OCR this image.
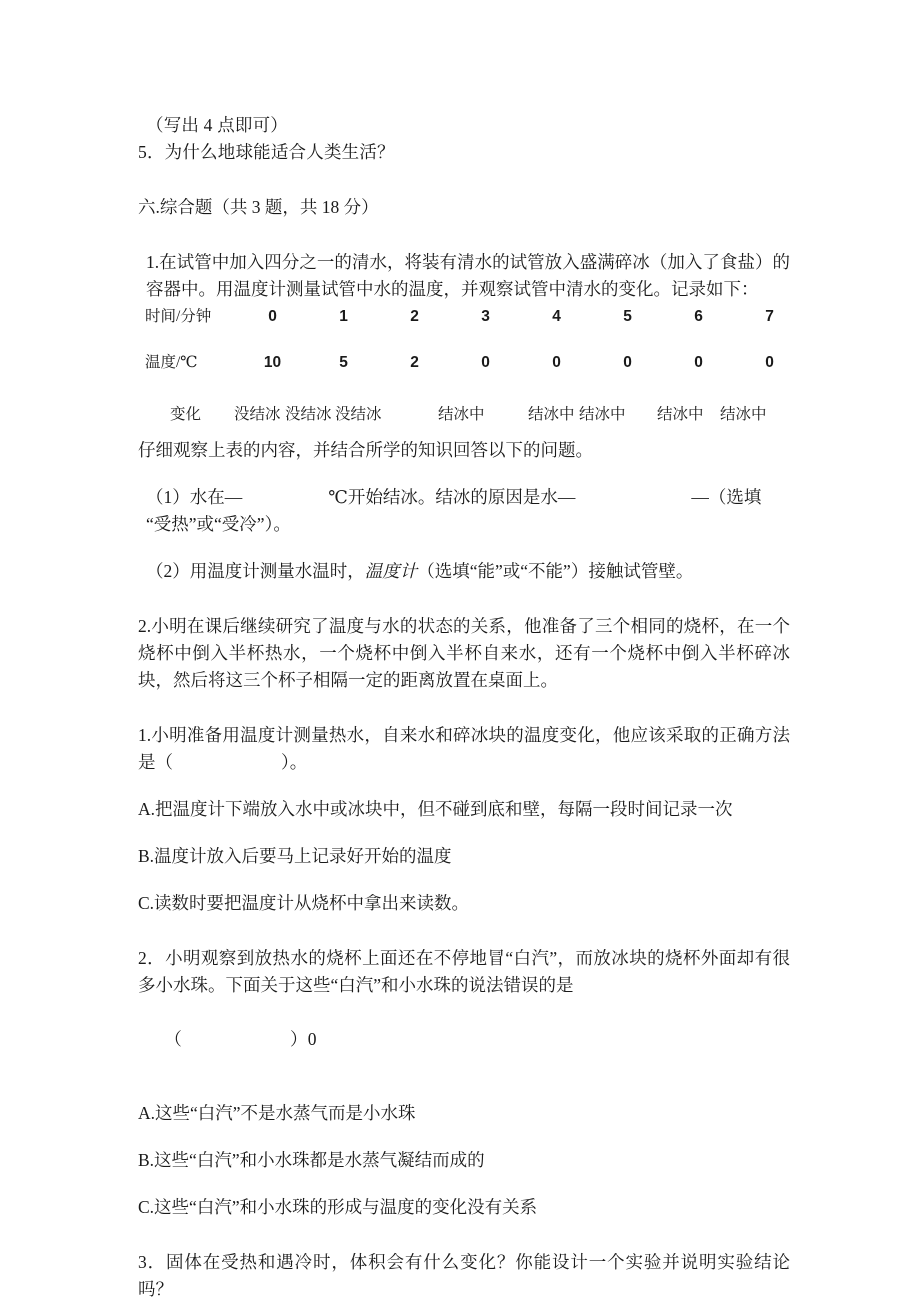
（写出 4 点即可）
5．为什么地球能适合人类生活？
六.综合题（共 3 题，共 18 分）
1.在试管中加入四分之一的清水，将装有清水的试管放入盛满碎冰（加入了食盐）的容器中。用温度计测量试管中水的温度，并观察试管中清水的变化。记录如下：
时间/分钟	0	1	2	3	4	5	6	7
温度/℃	10	5	2	0	0	0	0	0
变化 没结冰 没结冰 没结冰	结冰中	结冰中 结冰中 结冰中 结冰中
仔细观察上表的内容，并结合所学的知识回答以下的问题。
（1）水在—	℃开始结冰。结冰的原因是水—	—（选填
“受热”或“受冷”）。
（2）用温度计测量水温时，温度计（选填“能”或“不能”）接触试管壁。
2.小明在课后继续研究了温度与水的状态的关系，他准备了三个相同的烧杯，在一个烧杯中倒入半杯热水，一个烧杯中倒入半杯自来水，还有一个烧杯中倒入半杯碎冰块，然后将这三个杯子相隔一定的距离放置在桌面上。
1.小明准备用温度计测量热水，自来水和碎冰块的温度变化，他应该采取的正确方法是（	）。
A.把温度计下端放入水中或冰块中，但不碰到底和壁，每隔一段时间记录一次
B.温度计放入后要马上记录好开始的温度
C.读数时要把温度计从烧杯中拿出来读数。
2．小明观察到放热水的烧杯上面还在不停地冒“白汽”，而放冰块的烧杯外面却有很多小水珠。下面关于这些“白汽”和小水珠的说法错误的是

（	）0

A.这些“白汽”不是水蒸气而是小水珠
B.这些“白汽”和小水珠都是水蒸气凝结而成的
C.这些“白汽”和小水珠的形成与温度的变化没有关系
3．固体在受热和遇冷时，体积会有什么变化？你能设计一个实验并说明实验结论吗？
